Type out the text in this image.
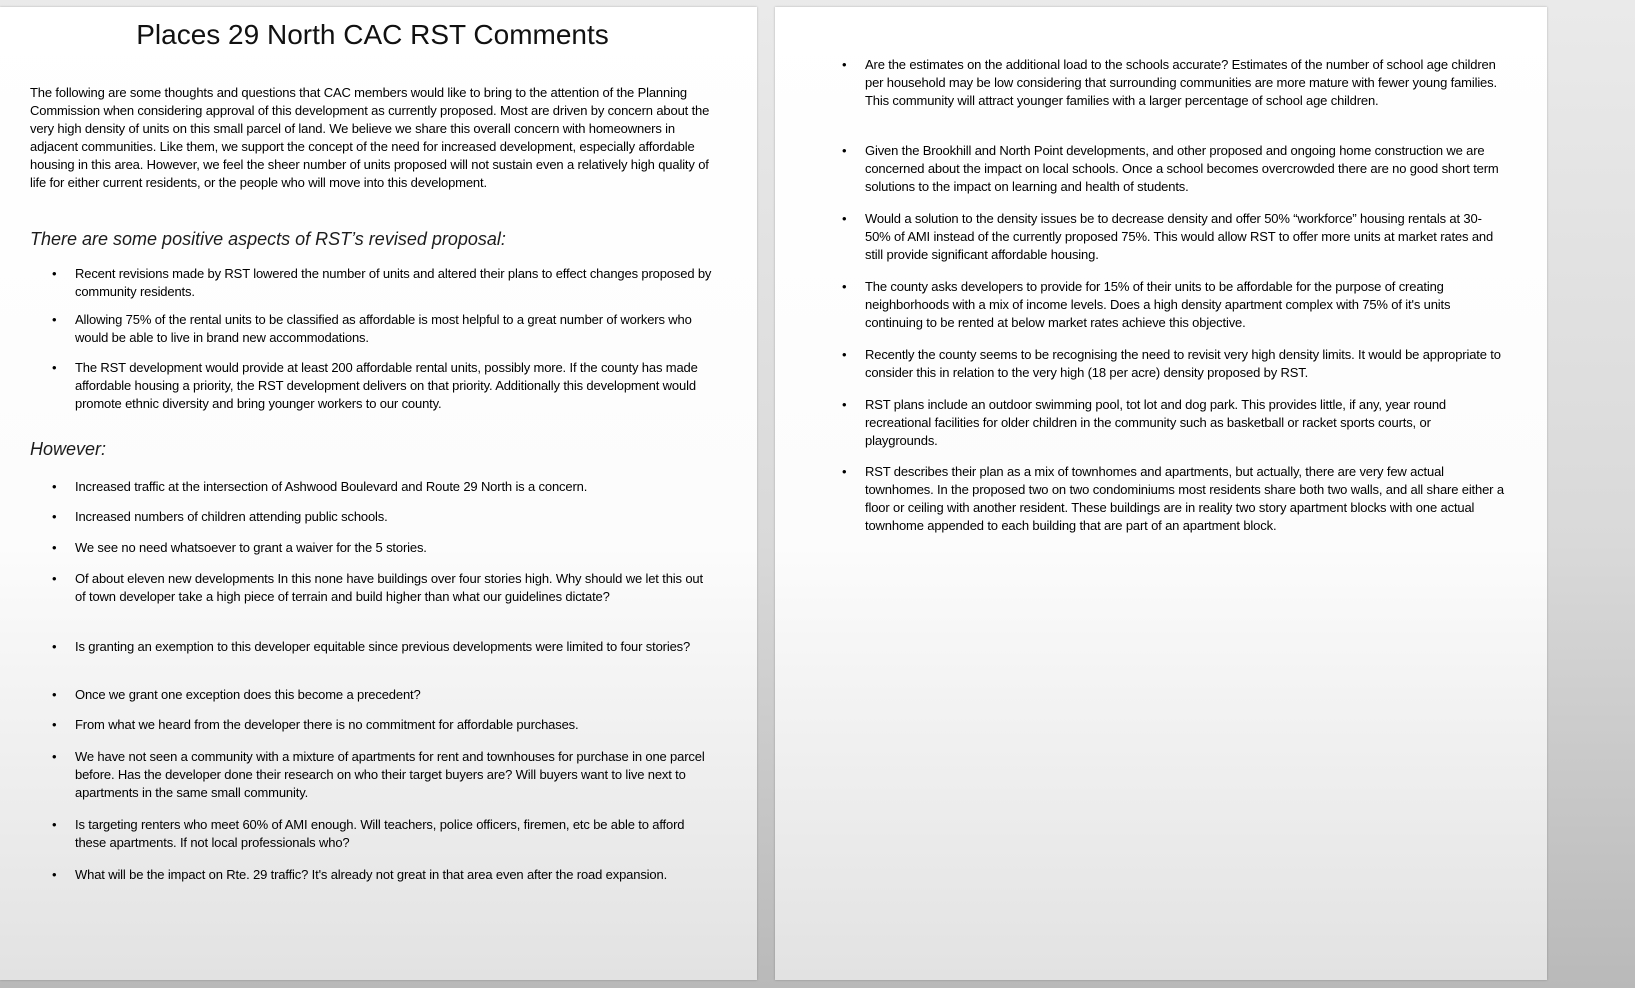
Places 29 North CAC RST Comments

The following are some thoughts and questions that CAC members would like to bring to the attention of the Planning Commission when considering approval of this development as currently proposed. Most are driven by concern about the very high density of units on this small parcel of land. We believe we share this overall concern with homeowners in adjacent communities. Like them, we support the concept of the need for increased development, especially affordable housing in this area. However, we feel the sheer number of units proposed will not sustain even a relatively high quality of life for either current residents, or the people who will move into this development.

There are some positive aspects of RST’s revised proposal:
• Recent revisions made by RST lowered the number of units and altered their plans to effect changes proposed by community residents.
• Allowing 75% of the rental units to be classified as affordable is most helpful to a great number of workers who would be able to live in brand new accommodations.
• The RST development would provide at least 200 affordable rental units, possibly more. If the county has made affordable housing a priority, the RST development delivers on that priority. Additionally this development would promote ethnic diversity and bring younger workers to our county.
However:
• Increased traffic at the intersection of Ashwood Boulevard and Route 29 North is a concern.
• Increased numbers of children attending public schools.
• We see no need whatsoever to grant a waiver for the 5 stories.
• Of about eleven new developments In this none have buildings over four stories high. Why should we let this out of town developer take a high piece of terrain and build higher than what our guidelines dictate?
• Is granting an exemption to this developer equitable since previous developments were limited to four stories?
• Once we grant one exception does this become a precedent?
• From what we heard from the developer there is no commitment for affordable purchases.
• We have not seen a community with a mixture of apartments for rent and townhouses for purchase in one parcel before. Has the developer done their research on who their target buyers are? Will buyers want to live next to apartments in the same small community.
• Is targeting renters who meet 60% of AMI enough. Will teachers, police officers, firemen, etc be able to afford these apartments. If not local professionals who?
• What will be the impact on Rte. 29 traffic? It's already not great in that area even after the road expansion.
• Are the estimates on the additional load to the schools accurate? Estimates of the number of school age children per household may be low considering that surrounding communities are more mature with fewer young families. This community will attract younger families with a larger percentage of school age children.
• Given the Brookhill and North Point developments, and other proposed and ongoing home construction we are concerned about the impact on local schools. Once a school becomes overcrowded there are no good short term solutions to the impact on learning and health of students.
• Would a solution to the density issues be to decrease density and offer 50% “workforce” housing rentals at 30-50% of AMI instead of the currently proposed 75%. This would allow RST to offer more units at market rates and still provide significant affordable housing.
• The county asks developers to provide for 15% of their units to be affordable for the purpose of creating neighborhoods with a mix of income levels. Does a high density apartment complex with 75% of it's units continuing to be rented at below market rates achieve this objective.
• Recently the county seems to be recognising the need to revisit very high density limits. It would be appropriate to consider this in relation to the very high (18 per acre) density proposed by RST.
• RST plans include an outdoor swimming pool, tot lot and dog park. This provides little, if any, year round recreational facilities for older children in the community such as basketball or racket sports courts, or playgrounds.
• RST describes their plan as a mix of townhomes and apartments, but actually, there are very few actual townhomes. In the proposed two on two condominiums most residents share both two walls, and all share either a floor or ceiling with another resident. These buildings are in reality two story apartment blocks with one actual townhome appended to each building that are part of an apartment block.
